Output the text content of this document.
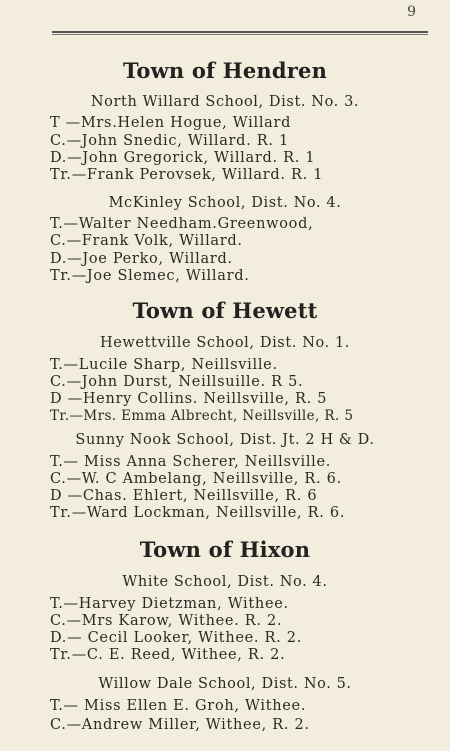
9
Town of Hendren
North Willard School, Dist. No. 3.
T —Mrs.Helen Hogue, Willard
C.—John Snedic, Willard. R. 1
D.—John Gregorick, Willard. R. 1
Tr.—Frank Perovsek, Willard. R. 1
McKinley School, Dist. No. 4.
T.—Walter Needham.Greenwood,
C.—Frank Volk, Willard.
D.—Joe Perko, Willard.
Tr.—Joe Slemec, Willard.
Town of Hewett
Hewettville School, Dist. No. 1.
T.—Lucile Sharp, Neillsville.
C.—John Durst, Neillsuille. R 5.
D —Henry Collins. Neillsville, R. 5
Tr.—Mrs. Emma Albrecht, Neillsville, R. 5
Sunny Nook School, Dist. Jt. 2 H & D.
T.— Miss Anna Scherer, Neillsville.
C.—W. C Ambelang, Neillsville, R. 6.
D —Chas. Ehlert, Neillsville, R. 6
Tr.—Ward Lockman, Neillsville, R. 6.
Town of Hixon
White School, Dist. No. 4.
T.—Harvey Dietzman, Withee.
C.—Mrs Karow, Withee. R. 2.
D.— Cecil Looker, Withee. R. 2.
Tr.—C. E. Reed, Withee, R. 2.
Willow Dale School, Dist. No. 5.
T.— Miss Ellen E. Groh, Withee.
C.—Andrew Miller, Withee, R. 2.
